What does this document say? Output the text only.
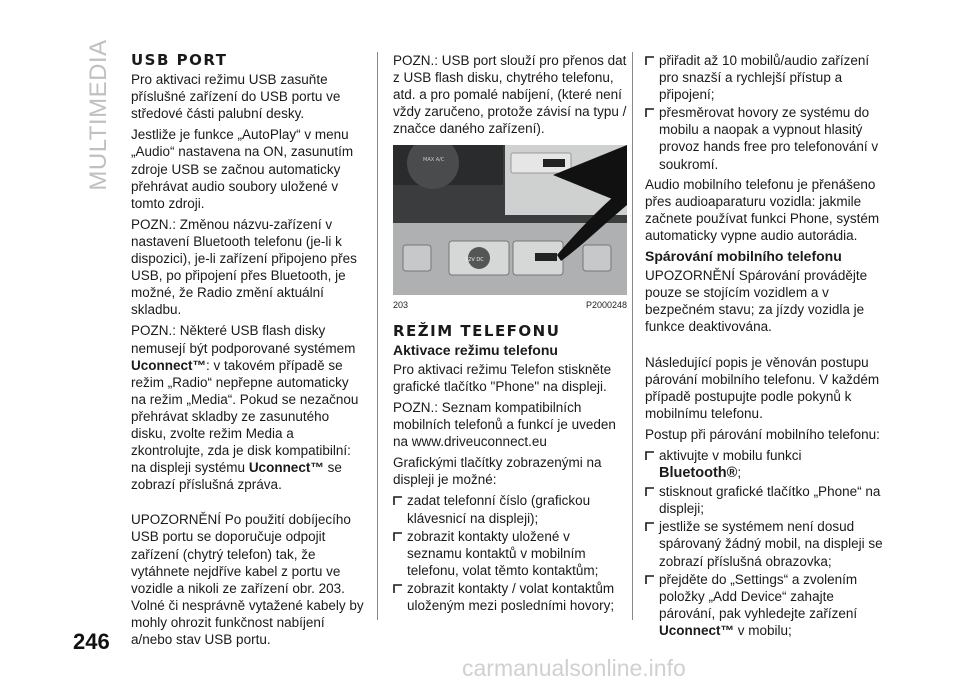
MULTIMEDIA USB PORT

Pro aktivaci režimu USB zasuňte příslušné zařízení do USB portu ve středové části palubní desky.

Jestliže je funkce „AutoPlay“ v menu „Audio“ nastavena na ON, zasunutím zdroje USB se začnou automaticky přehrávat audio soubory uložené v tomto zdroji.

POZN.: Změnou názvu-zařízení v nastavení Bluetooth telefonu (je-li k dispozici), je-li zařízení připojeno přes USB, po připojení přes Bluetooth, je možné, že Radio změní aktuální skladbu.

POZN.: Některé USB flash disky nemusejí být podporované systémem Uconnect™: v takovém případě se režim „Radio“ nepřepne automaticky na režim „Media“. Pokud se nezačnou přehrávat skladby ze zasunutého disku, zvolte režim Media a zkontrolujte, zda je disk kompatibilní: na displeji systému Uconnect™ se zobrazí příslušná zpráva.

UPOZORNĚNÍ Po použití dobíjecího USB portu se doporučuje odpojit zařízení (chytrý telefon) tak, že vytáhnete nejdříve kabel z portu ve vozidle a nikoli ze zařízení obr. 203. Volné či nesprávně vytažené kabely by mohly ohrozit funkčnost nabíjení a/nebo stav USB portu.

POZN.: USB port slouží pro přenos dat z USB flash disku, chytrého telefonu, atd. a pro pomalé nabíjení, (které není vždy zaručeno, protože závisí na typu / značce daného zařízení).

MAX A/C
12V DC
203	P2000248
REŽIM TELEFONU
Aktivace režimu telefonu

Pro aktivaci režimu Telefon stiskněte grafické tlačítko "Phone" na displeji.

POZN.: Seznam kompatibilních mobilních telefonů a funkcí je uveden na www.driveuconnect.eu

Grafickými tlačítky zobrazenými na displeji je možné:

zadat telefonní číslo (grafickou klávesnicí na displeji);
zobrazit kontakty uložené v seznamu kontaktů v mobilním telefonu, volat těmto kontaktům;
zobrazit kontakty / volat kontaktům uloženým mezi posledními hovory;
přiřadit až 10 mobilů/audio zařízení pro snazší a rychlejší přístup a připojení;
přesměrovat hovory ze systému do mobilu a naopak a vypnout hlasitý provoz hands free pro telefonování v soukromí.

Audio mobilního telefonu je přenášeno přes audioaparaturu vozidla: jakmile začnete používat funkci Phone, systém automaticky vypne audio autorádia.

Spárování mobilního telefonu

UPOZORNĚNÍ Spárování provádějte pouze se stojícím vozidlem a v bezpečném stavu; za jízdy vozidla je funkce deaktivována.

Následující popis je věnován postupu párování mobilního telefonu. V každém případě postupujte podle pokynů k mobilnímu telefonu.

Postup při párování mobilního telefonu:

aktivujte v mobilu funkci
Bluetooth®;
stisknout grafické tlačítko „Phone“ na displeji;
jestliže se systémem není dosud spárovaný žádný mobil, na displeji se zobrazí příslušná obrazovka;
přejděte do „Settings“ a zvolením položky „Add Device“ zahajte párování, pak vyhledejte zařízení Uconnect™ v mobilu;
246
carmanualsonline.info
